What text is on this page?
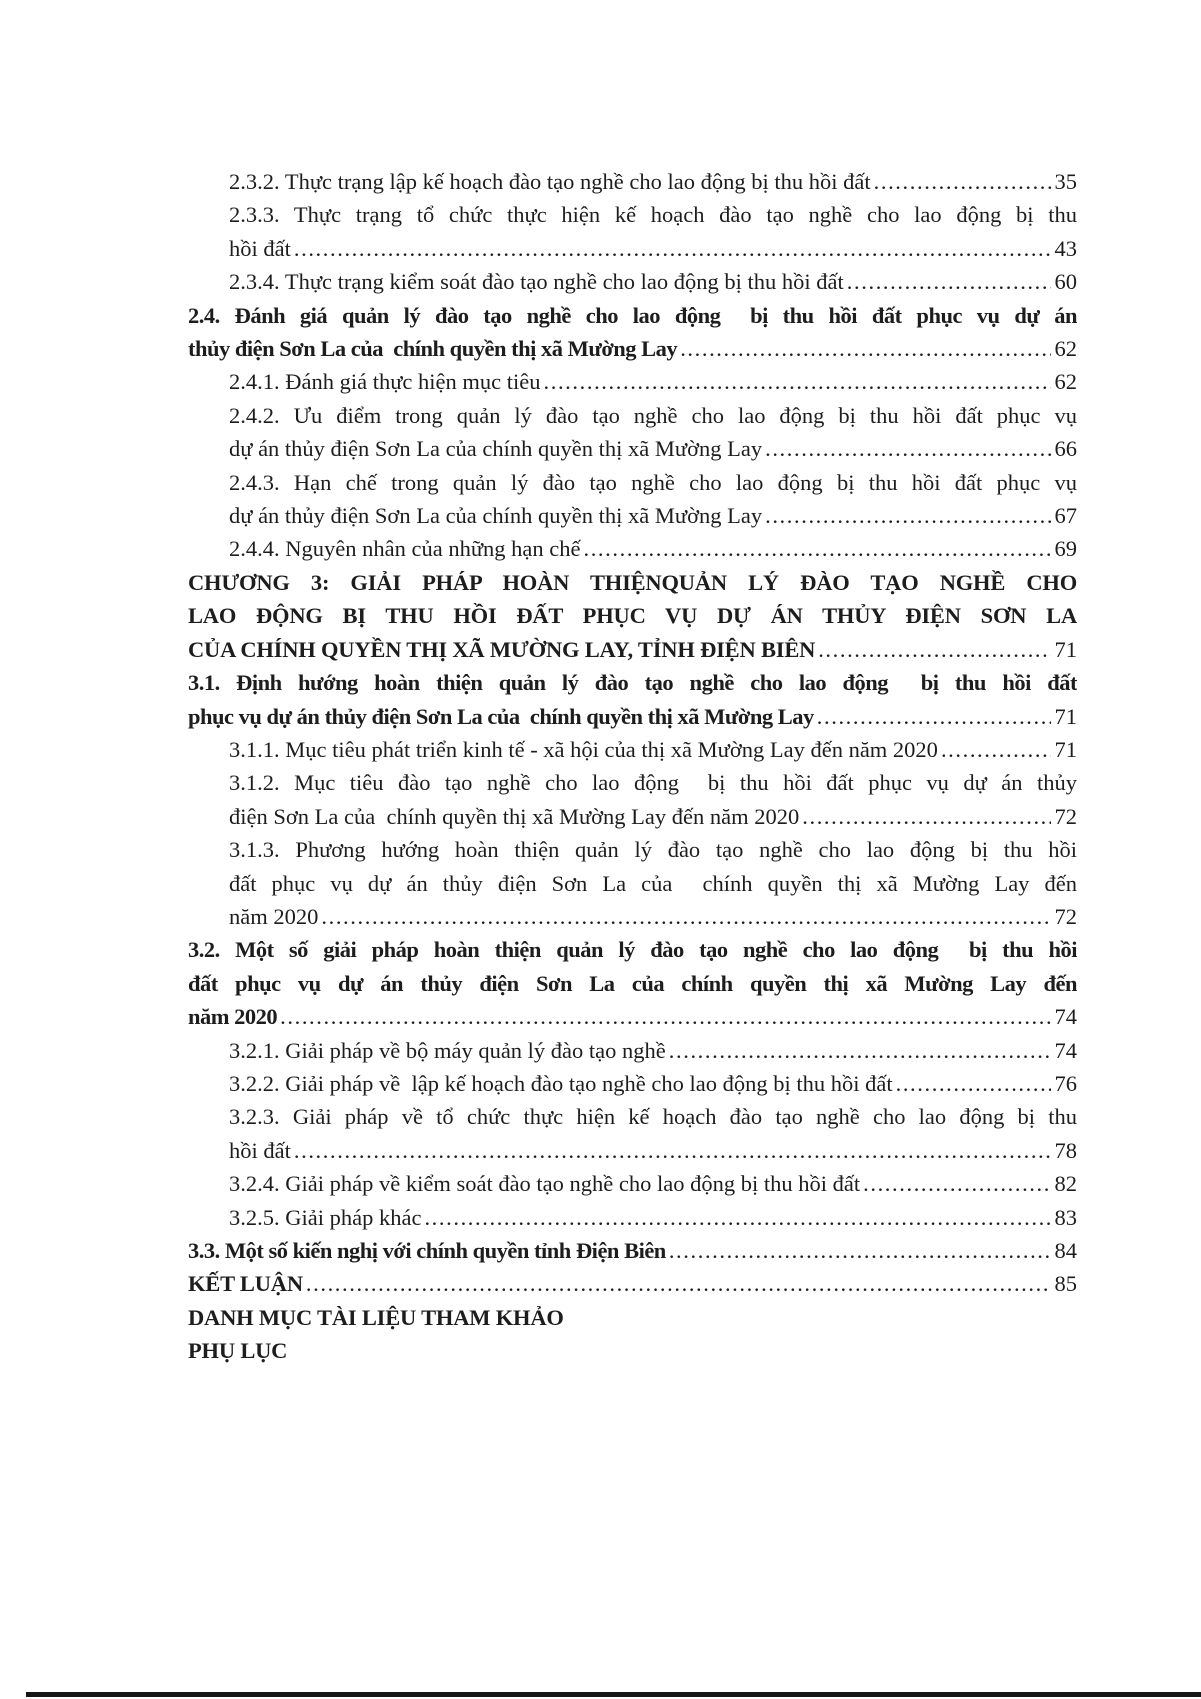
2.3.2. Thực trạng lập kế hoạch đào tạo nghề cho lao động bị thu hồi đất .....	35
2.3.3. Thực trạng tổ chức thực hiện kế hoạch đào tạo nghề cho lao động bị thu
hồi đất .....	43
2.3.4. Thực trạng kiểm soát đào tạo nghề cho lao động bị thu hồi đất .....	60
2.4. Đánh giá quản lý đào tạo nghề cho lao động  bị thu hồi đất phục vụ dự án
thủy điện Sơn La của  chính quyền thị xã Mường Lay .....	62
2.4.1. Đánh giá thực hiện mục tiêu .....	62
2.4.2. Ưu điểm trong quản lý đào tạo nghề cho lao động bị thu hồi đất phục vụ
dự án thủy điện Sơn La của chính quyền thị xã Mường Lay .....	66
2.4.3. Hạn chế trong quản lý đào tạo nghề cho lao động bị thu hồi đất phục vụ
dự án thủy điện Sơn La của chính quyền thị xã Mường Lay .....	67
2.4.4. Nguyên nhân của những hạn chế .....	69
CHƯƠNG 3: GIẢI PHÁP HOÀN THIỆNQUẢN LÝ ĐÀO TẠO NGHỀ CHO
LAO ĐỘNG BỊ THU HỒI ĐẤT PHỤC VỤ DỰ ÁN THỦY ĐIỆN SƠN LA
CỦA CHÍNH QUYỀN THỊ XÃ MƯỜNG LAY, TỈNH ĐIỆN BIÊN .....	71
3.1. Định hướng hoàn thiện quản lý đào tạo nghề cho lao động  bị thu hồi đất
phục vụ dự án thủy điện Sơn La của  chính quyền thị xã Mường Lay .....	71
3.1.1. Mục tiêu phát triển kinh tế - xã hội của thị xã Mường Lay đến năm 2020 .....	71
3.1.2. Mục tiêu đào tạo nghề cho lao động  bị thu hồi đất phục vụ dự án thủy
điện Sơn La của  chính quyền thị xã Mường Lay đến năm 2020 .....	72
3.1.3. Phương hướng hoàn thiện quản lý đào tạo nghề cho lao động bị thu hồi
đất phục vụ dự án thủy điện Sơn La của  chính quyền thị xã Mường Lay đến
năm 2020 .....	72
3.2. Một số giải pháp hoàn thiện quản lý đào tạo nghề cho lao động  bị thu hồi
đất phục vụ dự án thủy điện Sơn La của chính quyền thị xã Mường Lay đến
năm 2020 .....	74
3.2.1. Giải pháp về bộ máy quản lý đào tạo nghề .....	74
3.2.2. Giải pháp về  lập kế hoạch đào tạo nghề cho lao động bị thu hồi đất .....	76
3.2.3. Giải pháp về tổ chức thực hiện kế hoạch đào tạo nghề cho lao động bị thu
hồi đất .....	78
3.2.4. Giải pháp về kiểm soát đào tạo nghề cho lao động bị thu hồi đất .....	82
3.2.5. Giải pháp khác .....	83
3.3. Một số kiến nghị với chính quyền tỉnh Điện Biên .....	84
KẾT LUẬN .....	85
DANH MỤC TÀI LIỆU THAM KHẢO
PHỤ LỤC
